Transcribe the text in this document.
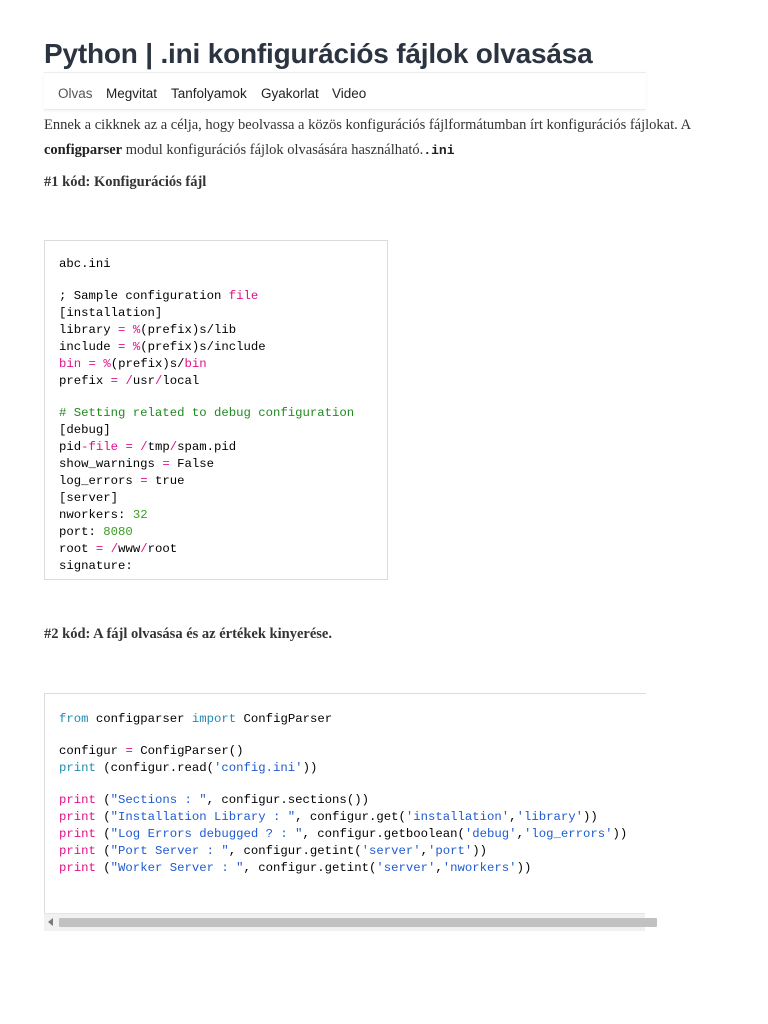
Python | .ini konfigurációs fájlok olvasása
Olvas Megvitat Tanfolyamok Gyakorlat Video

Ennek a cikknek az a célja, hogy beolvassa a közös konfigurációs fájlformátumban írt konfigurációs fájlokat. A configparser modul konfigurációs fájlok olvasására használható..ini

#1 kód: Konfigurációs fájl
abc.ini
; Sample configuration file
[installation]
library = %(prefix)s/lib
include = %(prefix)s/include
bin = %(prefix)s/bin
prefix = /usr/local
# Setting related to debug configuration
[debug]
pid-file = /tmp/spam.pid
show_warnings = False
log_errors = true
[server]
nworkers: 32
port: 8080
root = /www/root
signature:
#2 kód: A fájl olvasása és az értékek kinyerése.
from configparser import ConfigParser
configur = ConfigParser()
print (configur.read('config.ini'))
print ("Sections : ", configur.sections())
print ("Installation Library : ", configur.get('installation','library'))
print ("Log Errors debugged ? : ", configur.getboolean('debug','log_errors'))
print ("Port Server : ", configur.getint('server','port'))
print ("Worker Server : ", configur.getint('server','nworkers'))
